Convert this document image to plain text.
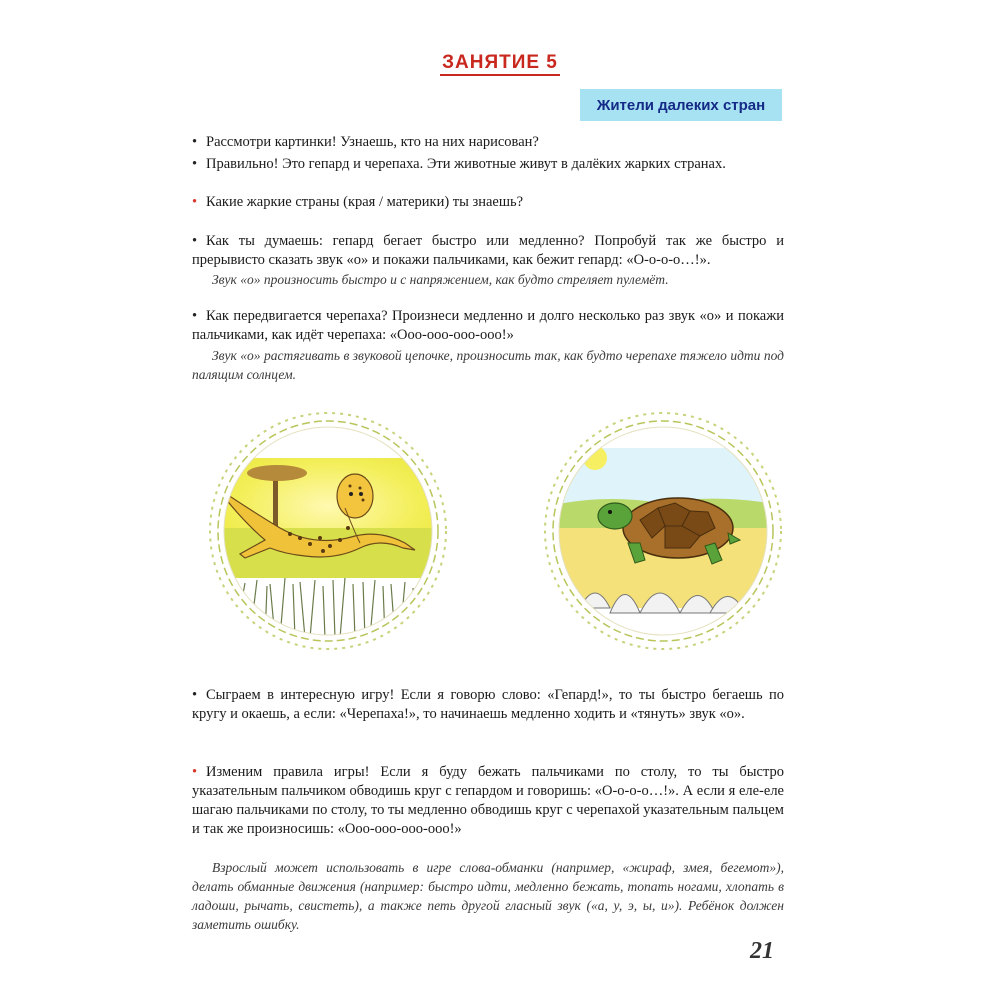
ЗАНЯТИЕ 5
Жители далеких стран
• Рассмотри картинки! Узнаешь, кто на них нарисован?
• Правильно! Это гепард и черепаха. Эти животные живут в далёких жарких странах.
• Какие жаркие страны (края / материки) ты знаешь?
• Как ты думаешь: гепард бегает быстро или медленно? Попробуй так же быстро и прерывисто сказать звук «о» и покажи пальчиками, как бежит гепард: «О-о-о-о…!».
Звук «о» произносить быстро и с напряжением, как будто стреляет пулемёт.
• Как передвигается черепаха? Произнеси медленно и долго несколько раз звук «о» и покажи пальчиками, как идёт черепаха: «Ооо-ооо-ооо-ооо!»
Звук «о» растягивать в звуковой цепочке, произносить так, как будто черепахе тяжело идти под палящим солнцем.
• Сыграем в интересную игру! Если я говорю слово: «Гепард!», то ты быстро бегаешь по кругу и окаешь, а если: «Черепаха!», то начинаешь медленно ходить и «тянуть» звук «о».
• Изменим правила игры! Если я буду бежать пальчиками по столу, то ты быстро указательным пальчиком обводишь круг с гепардом и говоришь: «О-о-о-о…!». А если я еле-еле шагаю пальчиками по столу, то ты медленно обводишь круг с черепахой указательным пальцем и так же произносишь: «Ооо-ооо-ооо-ооо!»
Взрослый может использовать в игре слова-обманки (например, «жираф, змея, бегемот»), делать обманные движения (например: быстро идти, медленно бежать, топать ногами, хлопать в ладоши, рычать, свистеть), а также петь другой гласный звук («а, у, э, ы, и»). Ребёнок должен заметить ошибку.
21
